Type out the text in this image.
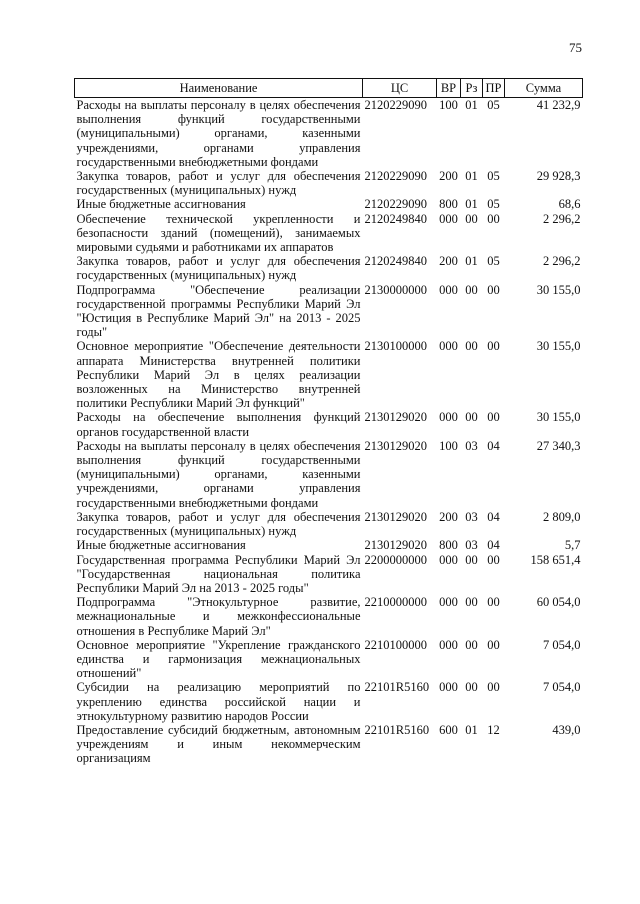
75
Наименование	ЦС	ВР	Рз	ПР	Сумма
Расходы на выплаты персоналу в целях обеспечения выполнения функций государственными (муниципальными) органами, казенными учреждениями, органами управления государственными внебюджетными фондами	2120229090	100	01	05	41 232,9
Закупка товаров, работ и услуг для обеспечения государственных (муниципальных) нужд	2120229090	200	01	05	29 928,3
Иные бюджетные ассигнования	2120229090	800	01	05	68,6
Обеспечение технической укрепленности и безопасности зданий (помещений), занимаемых мировыми судьями и работниками их аппаратов	2120249840	000	00	00	2 296,2
Закупка товаров, работ и услуг для обеспечения государственных (муниципальных) нужд	2120249840	200	01	05	2 296,2
Подпрограмма "Обеспечение реализации государственной программы Республики Марий Эл "Юстиция в Республике Марий Эл" на 2013 - 2025 годы"	2130000000	000	00	00	30 155,0
Основное мероприятие "Обеспечение деятельности аппарата Министерства внутренней политики Республики Марий Эл в целях реализации возложенных на Министерство внутренней политики Республики Марий Эл функций"	2130100000	000	00	00	30 155,0
Расходы на обеспечение выполнения функций органов государственной власти	2130129020	000	00	00	30 155,0
Расходы на выплаты персоналу в целях обеспечения выполнения функций государственными (муниципальными) органами, казенными учреждениями, органами управления государственными внебюджетными фондами	2130129020	100	03	04	27 340,3
Закупка товаров, работ и услуг для обеспечения государственных (муниципальных) нужд	2130129020	200	03	04	2 809,0
Иные бюджетные ассигнования	2130129020	800	03	04	5,7
Государственная программа Республики Марий Эл "Государственная национальная политика Республики Марий Эл на 2013 - 2025 годы"	2200000000	000	00	00	158 651,4
Подпрограмма "Этнокультурное развитие, межнациональные и межконфессиональные отношения в Республике Марий Эл"	2210000000	000	00	00	60 054,0
Основное мероприятие "Укрепление гражданского единства и гармонизация межнациональных отношений"	2210100000	000	00	00	7 054,0
Субсидии на реализацию мероприятий по укреплению единства российской нации и этнокультурному развитию народов России	22101R5160	000	00	00	7 054,0
Предоставление субсидий бюджетным, автономным учреждениям и иным некоммерческим организациям	22101R5160	600	01	12	439,0
